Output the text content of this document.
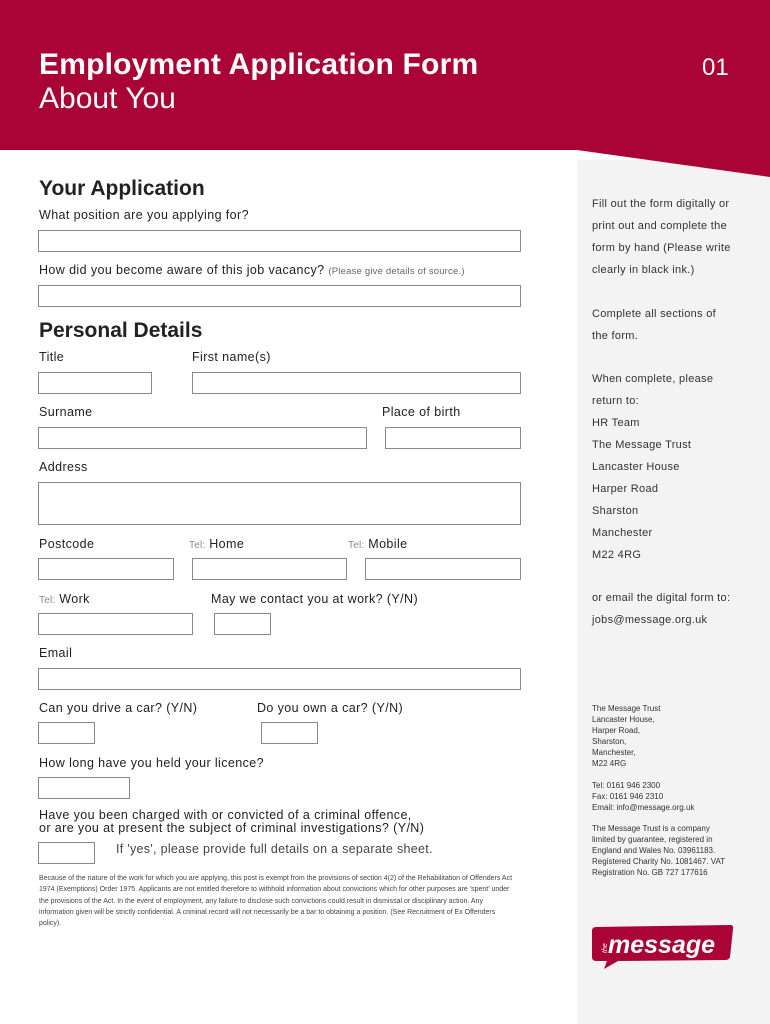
Employment Application Form
About You
01
Your Application
What position are you applying for?
How did you become aware of this job vacancy? (Please give details of source.)
Personal Details
Title	First name(s)
Surname	Place of birth
Address
Postcode	Tel: Home	Tel: Mobile
Tel: Work	May we contact you at work? (Y/N)
Email
Can you drive a car? (Y/N)	Do you own a car? (Y/N)
How long have you held your licence?
Have you been charged with or convicted of a criminal offence,
or are you at present the subject of criminal investigations? (Y/N)
If 'yes', please provide full details on a separate sheet.
Because of the nature of the work for which you are applying, this post is exempt from the provisions of section 4(2) of the Rehabilitation of Offenders Act 1974 (Exemptions) Order 1975. Applicants are not entitled therefore to withhold information about convictions which for other purposes are 'spent' under the provisions of the Act. In the event of employment, any failure to disclose such convictions could result in dismissal or disciplinary action. Any information given will be strictly confidential. A criminal record will not necessarily be a bar to obtaining a position. (See Recruitment of Ex Offenders policy).

Fill out the form digitally or

print out and complete the

form by hand (Please write

clearly in black ink.)

Complete all sections of

the form.

When complete, please

return to:

HR Team

The Message Trust

Lancaster House

Harper Road

Sharston

Manchester

M22 4RG

or email the digital form to:

jobs@message.org.uk

The Message Trust

Lancaster House,

Harper Road,

Sharston,

Manchester,

M22 4RG

Tel: 0161 946 2300

Fax: 0161 946 2310

Email: info@message.org.uk

The Message Trust is a company

limited by guarantee, registered in

England and Wales No. 03961183.

Registered Charity No. 1081467. VAT

Registration No. GB 727 177616

the message
